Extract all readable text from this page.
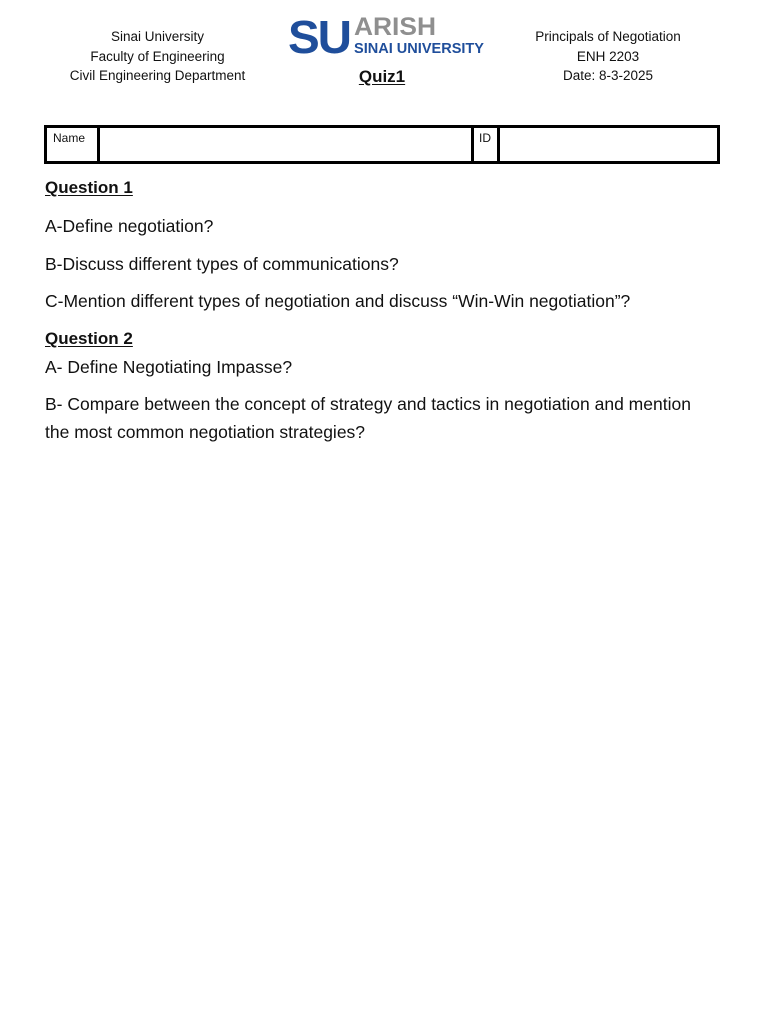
Sinai University
Faculty of Engineering
Civil Engineering Department
SU ARISH
SINAI UNIVERSITY
Quiz1
Principals of Negotiation
ENH 2203
Date: 8-3-2025
Name	ID
Question 1
A-Define negotiation?
B-Discuss different types of communications?
C-Mention different types of negotiation and discuss “Win-Win negotiation”?
Question 2
A- Define Negotiating Impasse?
B- Compare between the concept of strategy and tactics in negotiation and mention the most common negotiation strategies?
